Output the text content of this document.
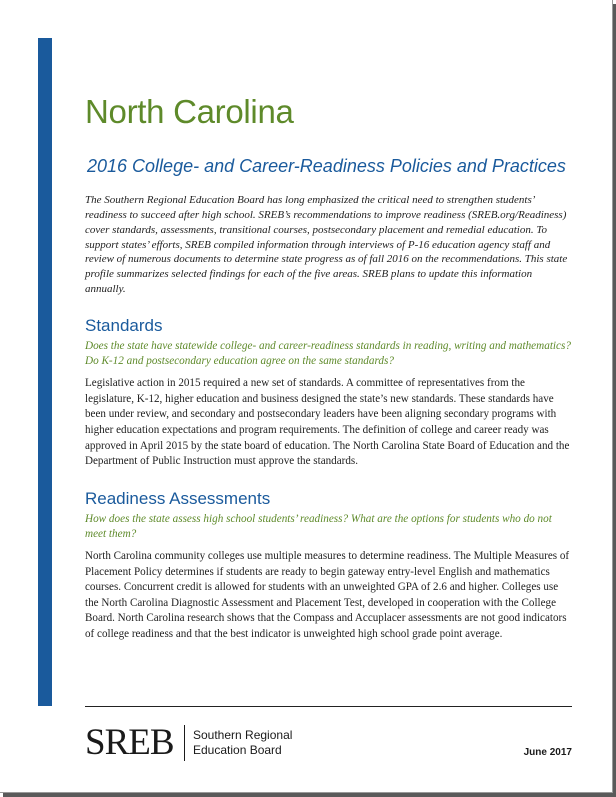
North Carolina
2016 College- and Career-Readiness Policies and Practices

The Southern Regional Education Board has long emphasized the critical need to strengthen students’ readiness to succeed after high school. SREB’s recommendations to improve readiness (SREB.org/Readiness) cover standards, assessments, transitional courses, postsecondary placement and remedial education. To support states’ efforts, SREB compiled information through interviews of P-16 education agency staff and review of numerous documents to determine state progress as of fall 2016 on the recommendations. This state profile summarizes selected findings for each of the five areas. SREB plans to update this information annually.

Standards

Does the state have statewide college- and career-readiness standards in reading, writing and mathematics? Do K-12 and postsecondary education agree on the same standards?

Legislative action in 2015 required a new set of standards. A committee of representatives from the legislature, K-12, higher education and business designed the state’s new standards. These standards have been under review, and secondary and postsecondary leaders have been aligning secondary programs with higher education expectations and program requirements. The definition of college and career ready was approved in April 2015 by the state board of education. The North Carolina State Board of Education and the Department of Public Instruction must approve the standards.

Readiness Assessments

How does the state assess high school students’ readiness? What are the options for students who do not meet them?

North Carolina community colleges use multiple measures to determine readiness. The Multiple Measures of Placement Policy determines if students are ready to begin gateway entry-level English and mathematics courses. Concurrent credit is allowed for students with an unweighted GPA of 2.6 and higher. Colleges use the North Carolina Diagnostic Assessment and Placement Test, developed in cooperation with the College Board. North Carolina research shows that the Compass and Accuplacer assessments are not good indicators of college readiness and that the best indicator is unweighted high school grade point average.

SREB Southern Regional
Education Board	June 2017
